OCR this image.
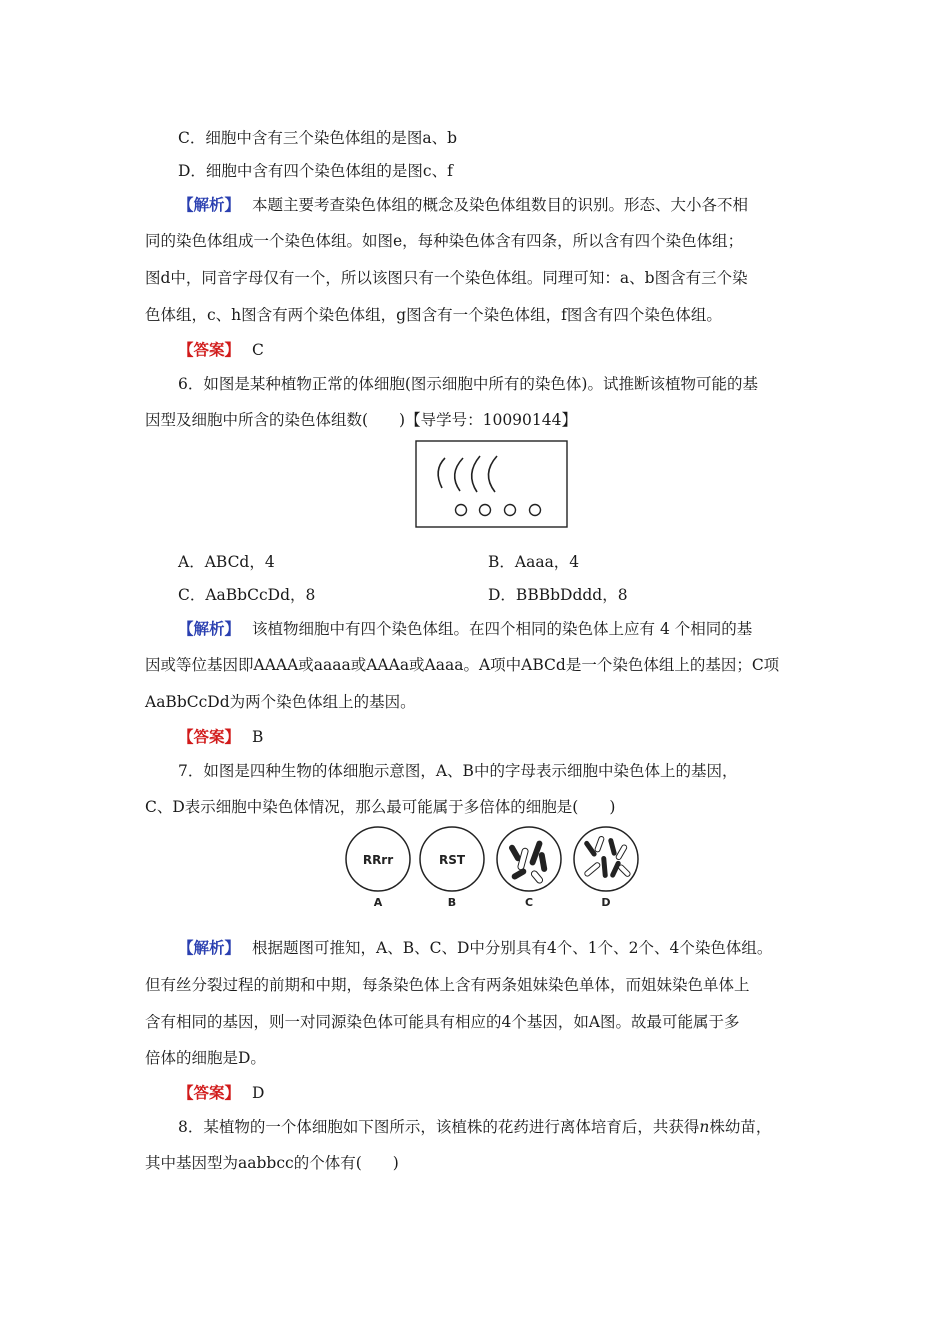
C．细胞中含有三个染色体组的是图a、b
D．细胞中含有四个染色体组的是图c、f
【解析】 本题主要考查染色体组的概念及染色体组数目的识别。形态、大小各不相
同的染色体组成一个染色体组。如图e，每种染色体含有四条，所以含有四个染色体组；
图d中，同音字母仅有一个，所以该图只有一个染色体组。同理可知：a、b图含有三个染
色体组，c、h图含有两个染色体组，g图含有一个染色体组，f图含有四个染色体组。
【答案】 C
6．如图是某种植物正常的体细胞(图示细胞中所有的染色体)。试推断该植物可能的基
因型及细胞中所含的染色体组数(　　)【导学号：10090144】
A．ABCd，4	B．Aaaa，4
C．AaBbCcDd，8	D．BBBbDddd，8
【解析】 该植物细胞中有四个染色体组。在四个相同的染色体上应有 4 个相同的基
因或等位基因即AAAA或aaaa或AAAa或Aaaa。A项中ABCd是一个染色体组上的基因；C项
AaBbCcDd为两个染色体组上的基因。
【答案】 B
7．如图是四种生物的体细胞示意图，A、B中的字母表示细胞中染色体上的基因，
C、D表示细胞中染色体情况，那么最可能属于多倍体的细胞是(　　)
RRrr	RST
A	B	C	D
【解析】 根据题图可推知，A、B、C、D中分别具有4个、1个、2个、4个染色体组。
但有丝分裂过程的前期和中期，每条染色体上含有两条姐妹染色单体，而姐妹染色单体上
含有相同的基因，则一对同源染色体可能具有相应的4个基因，如A图。故最可能属于多
倍体的细胞是D。
【答案】 D
8．某植物的一个体细胞如下图所示，该植株的花药进行离体培育后，共获得n株幼苗，
其中基因型为aabbcc的个体有(　　)
